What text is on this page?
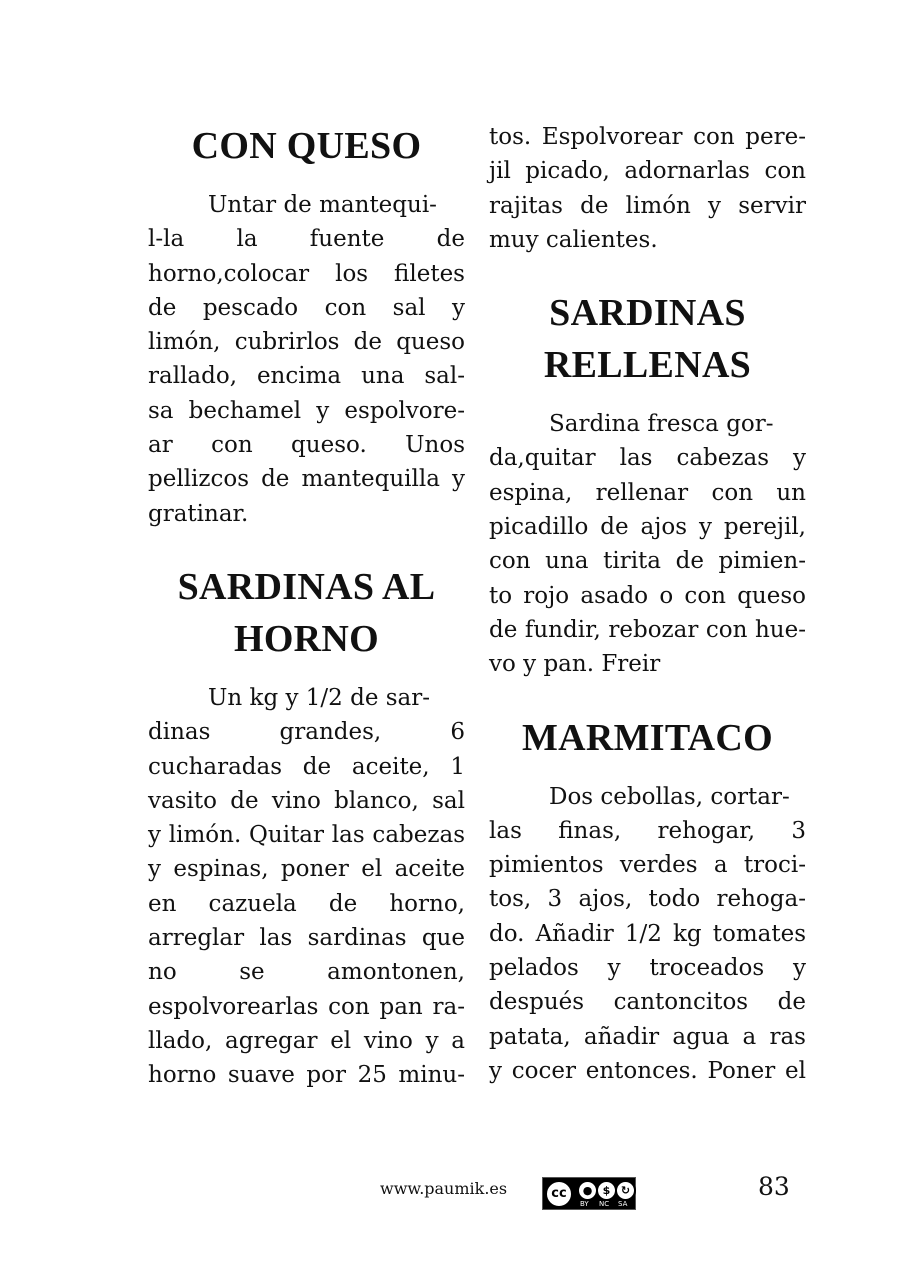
CON QUESO
Untar de mantequi-
l-la la fuente de
horno,colocar los filetes
de pescado con sal y
limón, cubrirlos de queso
rallado, encima una sal-
sa bechamel y espolvore-
ar con queso. Unos
pellizcos de mantequilla y
gratinar.
SARDINAS AL
HORNO
Un kg y 1/2 de sar-
dinas grandes, 6
cucharadas de aceite, 1
vasito de vino blanco, sal
y limón. Quitar las cabezas
y espinas, poner el aceite
en cazuela de horno,
arreglar las sardinas que
no se amontonen,
espolvorearlas con pan ra-
llado, agregar el vino y a
horno suave por 25 minu-
tos. Espolvorear con pere-
jil picado, adornarlas con
rajitas de limón y servir
muy calientes.
SARDINAS
RELLENAS
Sardina fresca gor-
da,quitar las cabezas y
espina, rellenar con un
picadillo de ajos y perejil,
con una tirita de pimien-
to rojo asado o con queso
de fundir, rebozar con hue-
vo y pan. Freir
MARMITACO
Dos cebollas, cortar-
las finas, rehogar, 3
pimientos verdes a troci-
tos, 3 ajos, todo rehoga-
do. Añadir 1/2 kg tomates
pelados y troceados y
después cantoncitos de
patata, añadir agua a ras
y cocer entonces. Poner el
www.paumik.es	cc	● $ ↻
BY NC SA
83
